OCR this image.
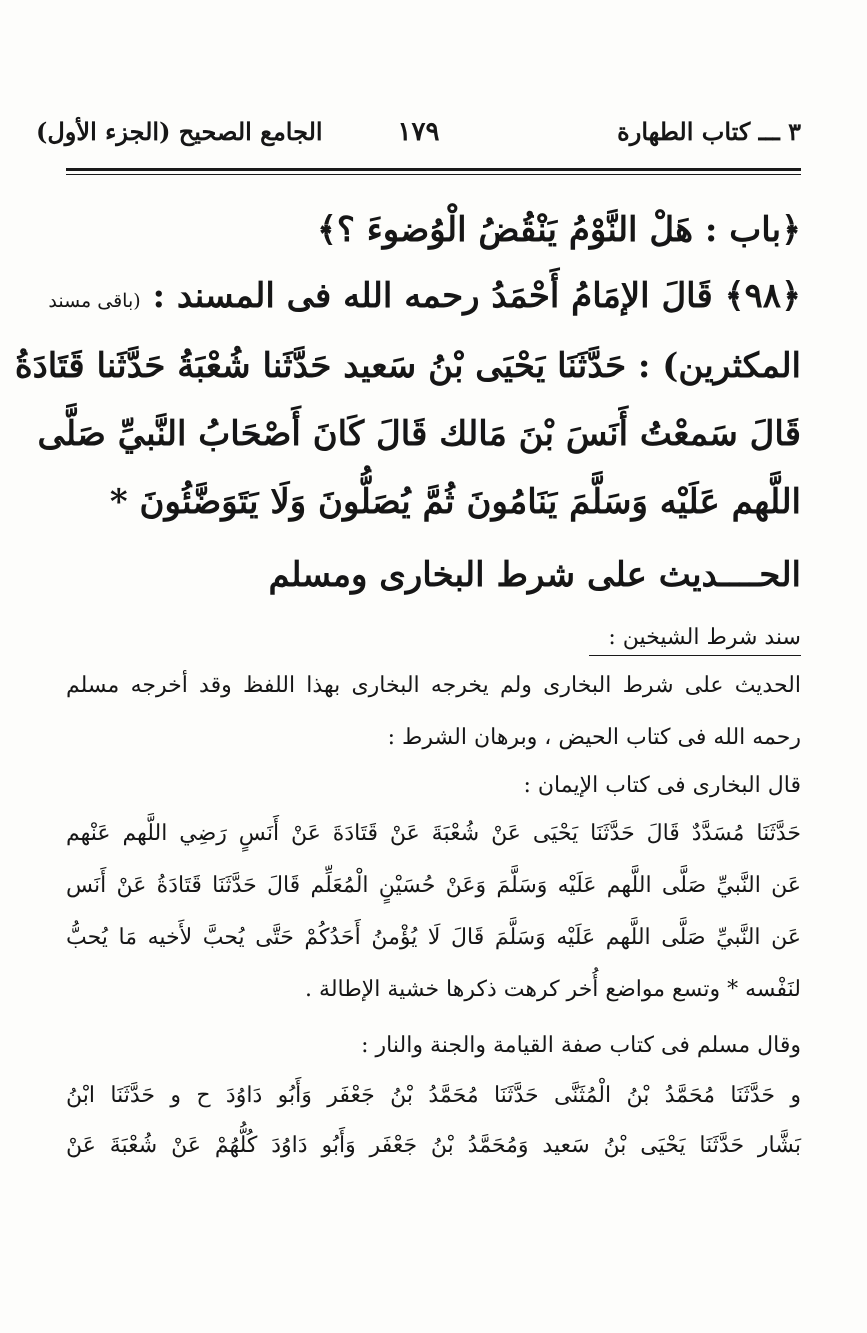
٣ ـــ كتاب الطهارة
١٧٩
الجامع الصحيح (الجزء الأول)
﴿باب : هَلْ النَّوْمُ يَنْقُضُ الْوُضوءَ ؟﴾
﴿٩٨﴾ قَالَ الإمَامُ أَحْمَدُ رحمه الله فى المسند : (باقى مسند
المكثرين) : حَدَّثَنَا يَحْيَى بْنُ سَعيد حَدَّثَنا شُعْبَةُ حَدَّثَنا قَتَادَةُ
قَالَ سَمعْتُ أَنَسَ بْنَ مَالك قَالَ كَانَ أَصْحَابُ النَّبيِّ صَلَّى
اللَّهم عَلَيْه وَسَلَّمَ يَنَامُونَ ثُمَّ يُصَلُّونَ وَلَا يَتَوَضَّئُونَ *
الحــــديث على شرط البخارى ومسلم
سند شرط الشيخين :
الحديث على شرط البخارى ولم يخرجه البخارى بهذا اللفظ وقد أخرجه مسلم
رحمه الله فى كتاب الحيض ، وبرهان الشرط :
قال البخارى فى كتاب الإيمان :
حَدَّثَنَا مُسَدَّدٌ قَالَ حَدَّثَنَا يَحْيَى عَنْ شُعْبَةَ عَنْ قَتَادَةَ عَنْ أَنَسٍ رَضِي اللَّهم عَنْهم
عَن النَّبيِّ صَلَّى اللَّهم عَلَيْه وَسَلَّمَ وَعَنْ حُسَيْنٍ الْمُعَلِّم قَالَ حَدَّثَنَا قَتَادَةُ عَنْ أَنَس
عَن النَّبيِّ صَلَّى اللَّهم عَلَيْه وَسَلَّمَ قَالَ لَا يُؤْمنُ أَحَدُكُمْ حَتَّى يُحبَّ لأَخيه مَا يُحبُّ
لنَفْسه * وتسع مواضع أُخر كرهت ذكرها خشية الإطالة .
وقال مسلم فى كتاب صفة القيامة والجنة والنار :
و حَدَّثَنَا مُحَمَّدُ بْنُ الْمُثَنَّى حَدَّثَنَا مُحَمَّدُ بْنُ جَعْفَر وَأَبُو دَاوُدَ ح و حَدَّثَنَا ابْنُ
بَشَّار حَدَّثَنَا يَحْيَى بْنُ سَعيد وَمُحَمَّدُ بْنُ جَعْفَر وَأَبُو دَاوُدَ كُلُّهُمْ عَنْ شُعْبَةَ عَنْ
